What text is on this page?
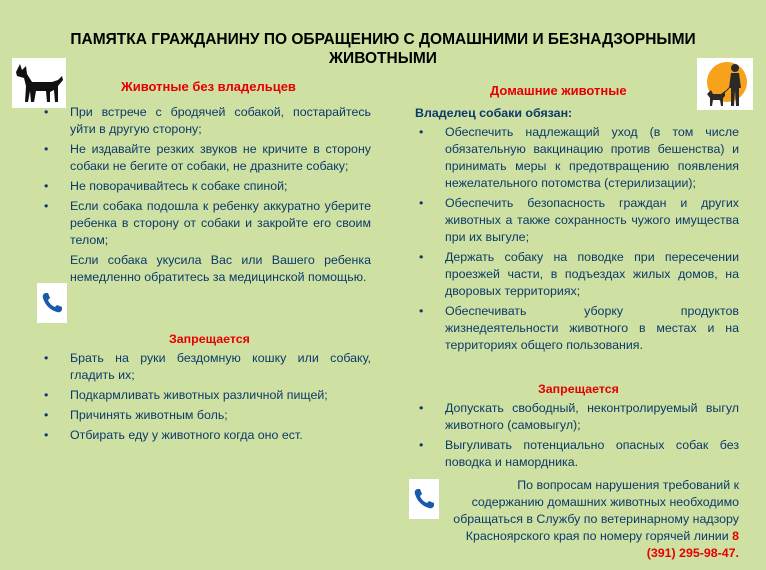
ПАМЯТКА ГРАЖДАНИНУ ПО ОБРАЩЕНИЮ С ДОМАШНИМИ И БЕЗНАДЗОРНЫМИ ЖИВОТНЫМИ
Животные без владельцев
• При встрече с бродячей собакой, постарайтесь уйти в другую сторону;
• Не издавайте резких звуков не кричите в сторону собаки не бегите от собаки, не дразните собаку;
• Не поворачивайтесь к собаке спиной;
• Если собака подошла к ребенку аккуратно уберите ребенка в сторону от собаки и закройте его своим телом;
Если собака укусила Вас или Вашего ребенка немедленно обратитесь за медицинской помощью.
Запрещается
• Брать на руки бездомную кошку или собаку, гладить их;
• Подкармливать животных различной пищей;
• Причинять животным боль;
• Отбирать еду у животного когда оно ест.
Домашние животные
Владелец собаки обязан:
• Обеспечить надлежащий уход (в том числе обязательную вакцинацию против бешенства) и принимать меры к предотвращению появления нежелательного потомства (стерилизации);
• Обеспечить безопасность граждан и других животных а также сохранность чужого имущества при их выгуле;
• Держать собаку на поводке при пересечении проезжей части, в подъездах жилых домов, на дворовых территориях;
• Обеспечивать уборку продуктов жизнедеятельности животного в местах и на территориях общего пользования.
Запрещается
• Допускать свободный, неконтролируемый выгул животного (самовыгул);
• Выгуливать потенциально опасных собак без поводка и намордника.
По вопросам нарушения требований к содержанию домашних животных необходимо обращаться в Службу по ветеринарному надзору Красноярского края по номеру горячей линии 8 (391) 295-98-47.
